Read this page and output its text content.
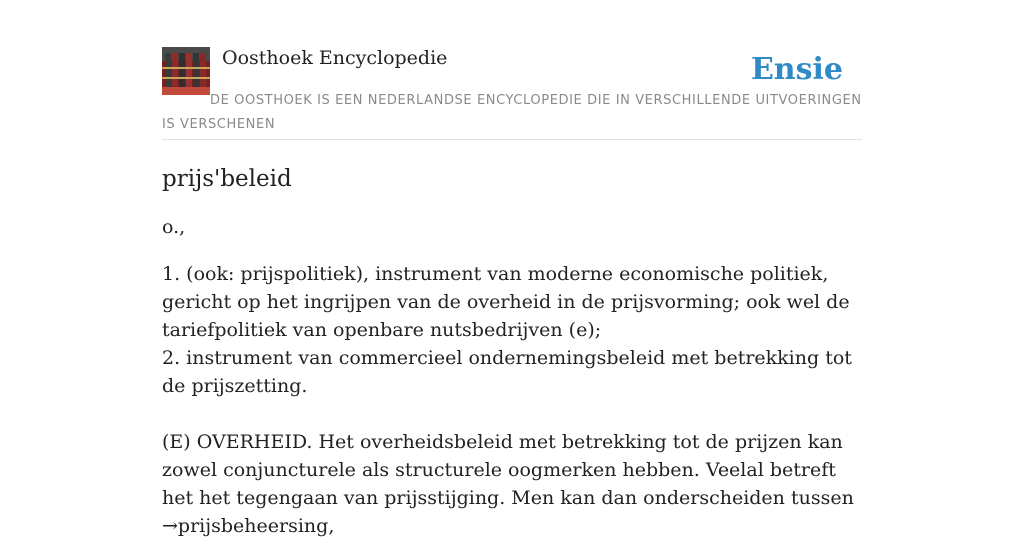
Oosthoek Encyclopedie	Ensie
DE OOSTHOEK IS EEN NEDERLANDSE ENCYCLOPEDIE DIE IN VERSCHILLENDE UITVOERINGEN IS VERSCHENEN
prijs'beleid

o.,

1. (ook: prijspolitiek), instrument van moderne economische politiek, gericht op het ingrijpen van de overheid in de prijsvorming; ook wel de tariefpolitiek van openbare nutsbedrijven (e);
2. instrument van commercieel ondernemingsbeleid met betrekking tot de prijszetting.

(E) OVERHEID. Het overheidsbeleid met betrekking tot de prijzen kan zowel conjuncturele als structurele oogmerken hebben. Veelal betreft het het tegengaan van prijsstijging. Men kan dan onderscheiden tussen →prijsbeheersing,
